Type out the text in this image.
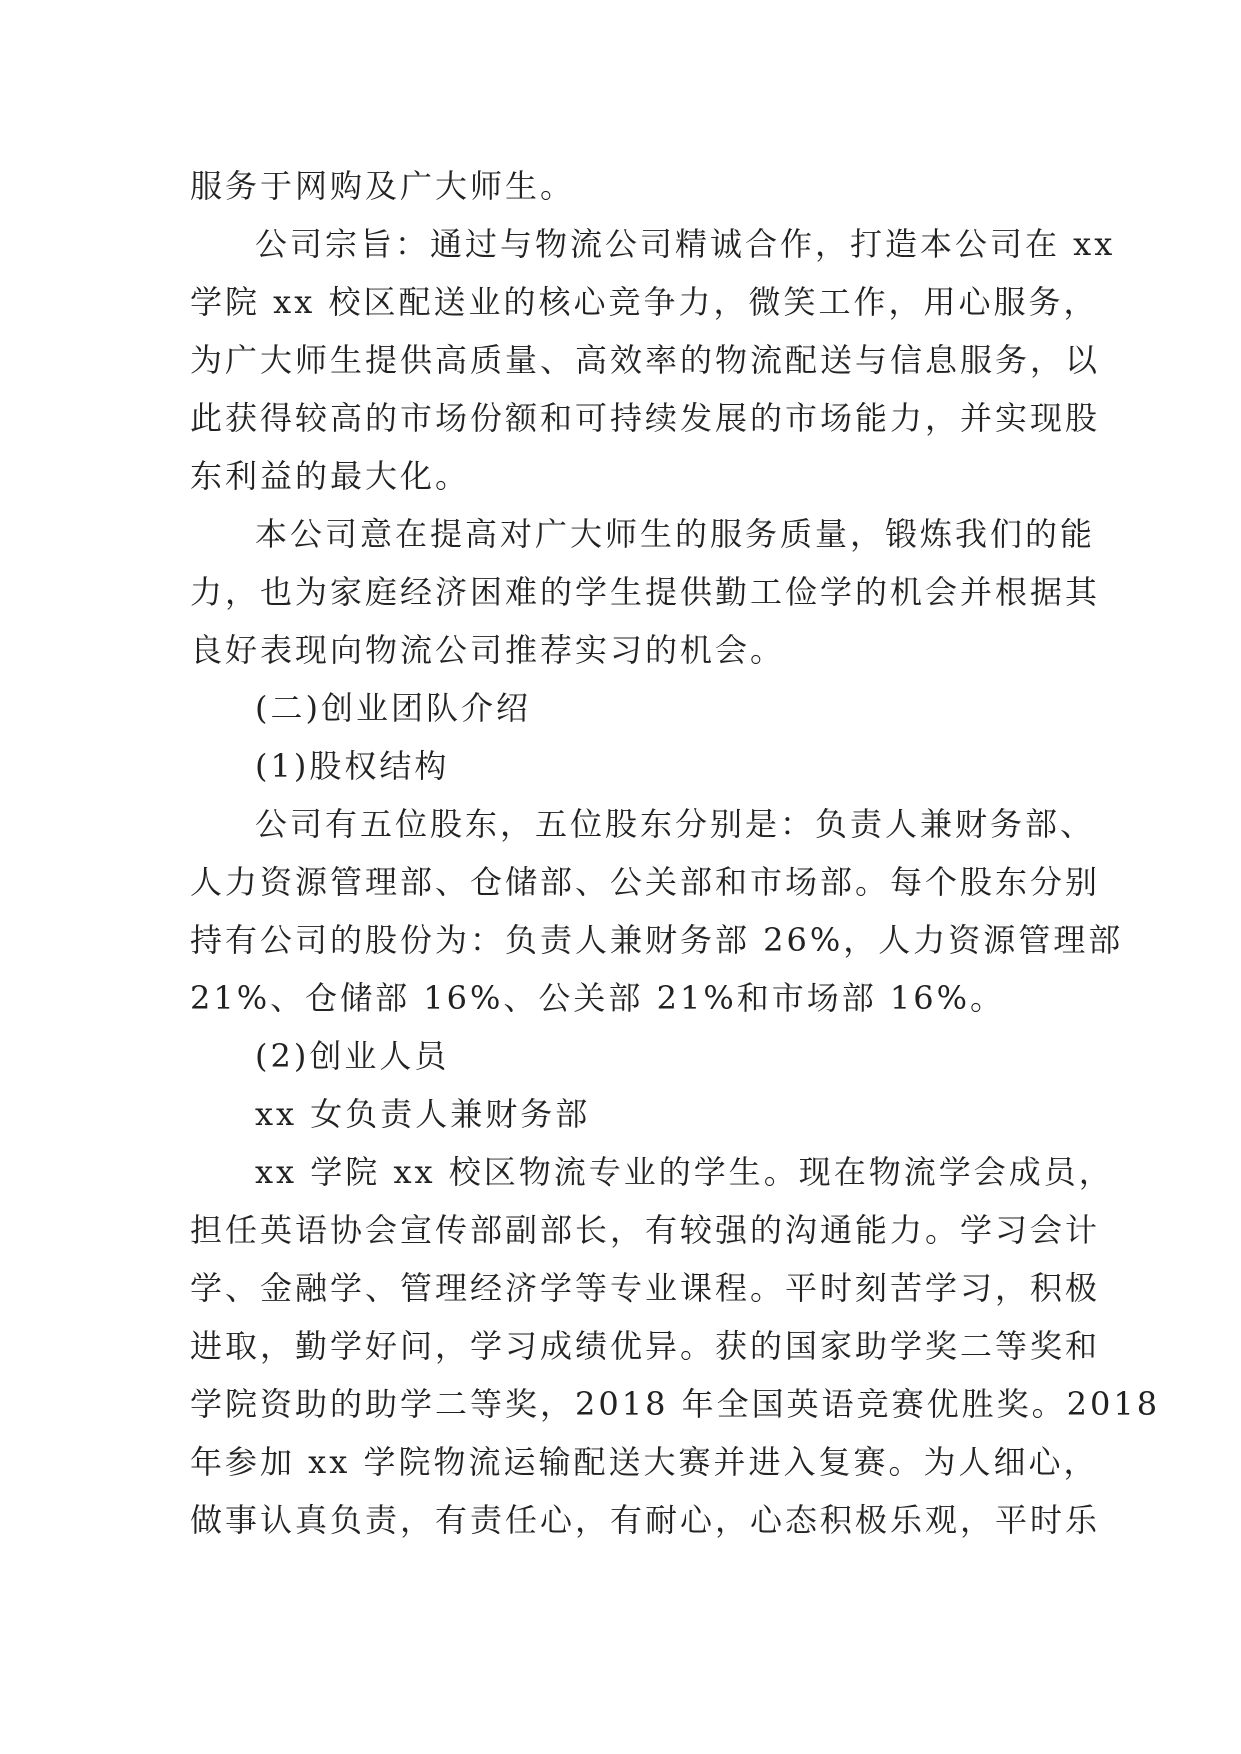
服务于网购及广大师生。
公司宗旨：通过与物流公司精诚合作，打造本公司在 xx
学院 xx 校区配送业的核心竞争力，微笑工作，用心服务，
为广大师生提供高质量、高效率的物流配送与信息服务，以
此获得较高的市场份额和可持续发展的市场能力，并实现股
东利益的最大化。
本公司意在提高对广大师生的服务质量，锻炼我们的能
力，也为家庭经济困难的学生提供勤工俭学的机会并根据其
良好表现向物流公司推荐实习的机会。
(二)创业团队介绍
(1)股权结构
公司有五位股东，五位股东分别是：负责人兼财务部、
人力资源管理部、仓储部、公关部和市场部。每个股东分别
持有公司的股份为：负责人兼财务部 26%，人力资源管理部
21%、仓储部 16%、公关部 21%和市场部 16%。
(2)创业人员
xx 女负责人兼财务部
xx 学院 xx 校区物流专业的学生。现在物流学会成员，
担任英语协会宣传部副部长，有较强的沟通能力。学习会计
学、金融学、管理经济学等专业课程。平时刻苦学习，积极
进取，勤学好问，学习成绩优异。获的国家助学奖二等奖和
学院资助的助学二等奖，2018 年全国英语竞赛优胜奖。2018
年参加 xx 学院物流运输配送大赛并进入复赛。为人细心，
做事认真负责，有责任心，有耐心，心态积极乐观，平时乐
